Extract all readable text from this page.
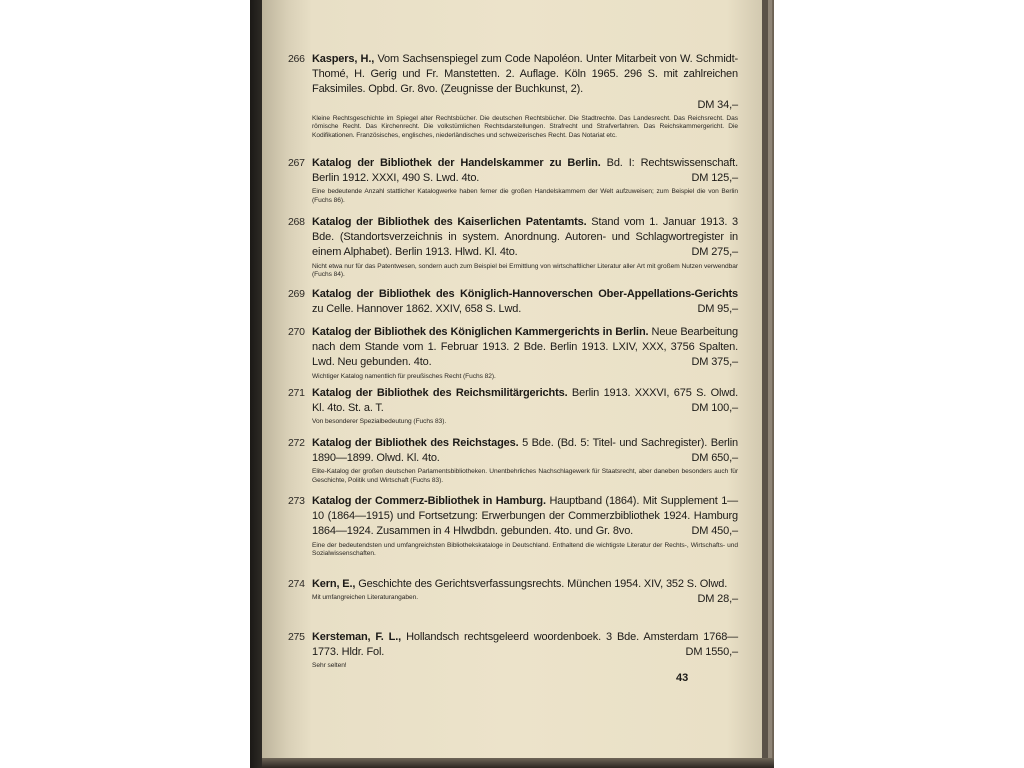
266 Kaspers, H., Vom Sachsenspiegel zum Code Napoléon. Unter Mitarbeit von W. Schmidt-Thomé, H. Gerig und Fr. Manstetten. 2. Auflage. Köln 1965. 296 S. mit zahlreichen Faksimiles. Opbd. Gr. 8vo. (Zeugnisse der Buchkunst, 2).
DM 34,–
Kleine Rechtsgeschichte im Spiegel alter Rechtsbücher. Die deutschen Rechtsbücher. Die Stadtrechte. Das Landesrecht. Das Reichsrecht. Das römische Recht. Das Kirchenrecht. Die volkstümlichen Rechtsdarstellungen. Strafrecht und Strafverfahren. Das Reichskammergericht. Die Kodifikationen. Französisches, englisches, niederländisches und schweizerisches Recht. Das Notariat etc.
267 Katalog der Bibliothek der Handelskammer zu Berlin. Bd. I: Rechtswissenschaft. Berlin 1912. XXXI, 490 S. Lwd. 4to.	DM 125,–
Eine bedeutende Anzahl stattlicher Katalogwerke haben ferner die großen Handelskammern der Welt aufzuweisen; zum Beispiel die von Berlin (Fuchs 86).
268 Katalog der Bibliothek des Kaiserlichen Patentamts. Stand vom 1. Januar 1913. 3 Bde. (Standortsverzeichnis in system. Anordnung. Autoren- und Schlagwortregister in einem Alphabet). Berlin 1913. Hlwd. Kl. 4to.	DM 275,–
Nicht etwa nur für das Patentwesen, sondern auch zum Beispiel bei Ermittlung von wirtschaftlicher Literatur aller Art mit großem Nutzen verwendbar (Fuchs 84).
269 Katalog der Bibliothek des Königlich-Hannoverschen Ober-Appellations-Gerichts zu Celle. Hannover 1862. XXIV, 658 S. Lwd.	DM 95,–
270 Katalog der Bibliothek des Königlichen Kammergerichts in Berlin. Neue Bearbeitung nach dem Stande vom 1. Februar 1913. 2 Bde. Berlin 1913. LXIV, XXX, 3756 Spalten. Lwd. Neu gebunden. 4to.	DM 375,–
Wichtiger Katalog namentlich für preußisches Recht (Fuchs 82).
271 Katalog der Bibliothek des Reichsmilitärgerichts. Berlin 1913. XXXVI, 675 S. Olwd. Kl. 4to. St. a. T.	DM 100,–
Von besonderer Spezialbedeutung (Fuchs 83).
272 Katalog der Bibliothek des Reichstages. 5 Bde. (Bd. 5: Titel- und Sachregister). Berlin 1890—1899. Olwd. Kl. 4to.	DM 650,–
Elite-Katalog der großen deutschen Parlamentsbibliotheken. Unentbehrliches Nachschlagewerk für Staatsrecht, aber daneben besonders auch für Geschichte, Politik und Wirtschaft (Fuchs 83).
273 Katalog der Commerz-Bibliothek in Hamburg. Hauptband (1864). Mit Supplement 1—10 (1864—1915) und Fortsetzung: Erwerbungen der Commerzbibliothek 1924. Hamburg 1864—1924. Zusammen in 4 Hlwdbdn. gebunden. 4to. und Gr. 8vo.	DM 450,–
Eine der bedeutendsten und umfangreichsten Bibliothekskataloge in Deutschland. Enthaltend die wichtigste Literatur der Rechts-, Wirtschafts- und Sozialwissenschaften.
274 Kern, E., Geschichte des Gerichtsverfassungsrechts. München 1954. XIV, 352 S. Olwd.
DM 28,–
Mit umfangreichen Literaturangaben.
275 Kersteman, F. L., Hollandsch rechtsgeleerd woordenboek. 3 Bde. Amsterdam 1768—1773. Hldr. Fol.	DM 1550,–
Sehr selten!
43
